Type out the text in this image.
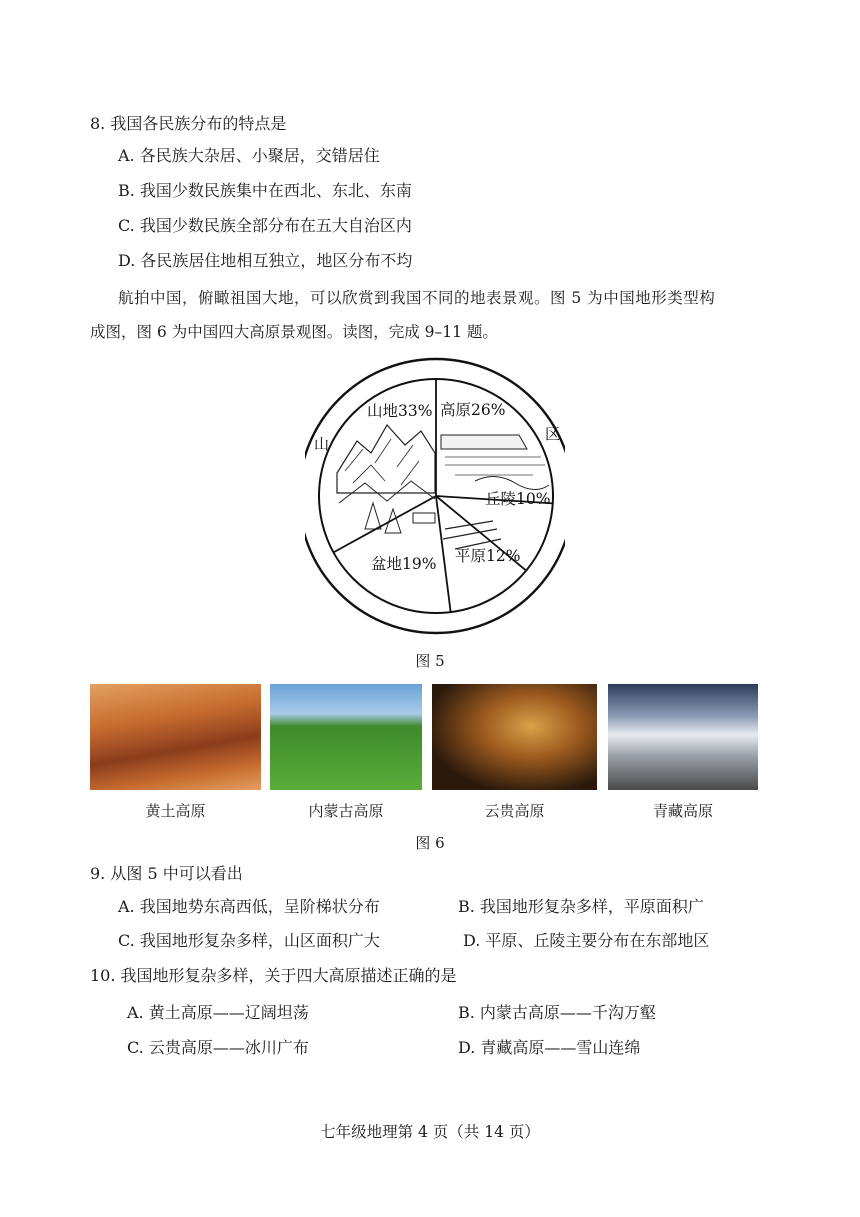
8. 我国各民族分布的特点是
A. 各民族大杂居、小聚居，交错居住
B. 我国少数民族集中在西北、东北、东南
C. 我国少数民族全部分布在五大自治区内
D. 各民族居住地相互独立，地区分布不均
航拍中国，俯瞰祖国大地，可以欣赏到我国不同的地表景观。图 5 为中国地形类型构
成图，图 6 为中国四大高原景观图。读图，完成 9–11 题。
山
区
山地33% 高原26%
丘陵10%
平原12%
盆地19%
图 5
黄土高原	内蒙古高原	云贵高原	青藏高原
图 6
9. 从图 5 中可以看出
A. 我国地势东高西低，呈阶梯状分布	B. 我国地形复杂多样，平原面积广
C. 我国地形复杂多样，山区面积广大	D. 平原、丘陵主要分布在东部地区
10. 我国地形复杂多样，关于四大高原描述正确的是
A. 黄土高原——辽阔坦荡	B. 内蒙古高原——千沟万壑
C. 云贵高原——冰川广布	D. 青藏高原——雪山连绵
七年级地理第 4 页（共 14 页）
